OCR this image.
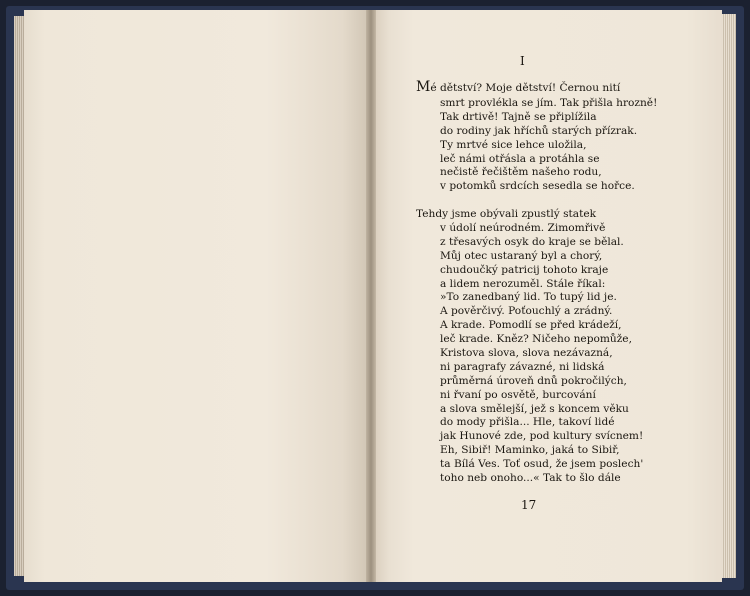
I
Mé dětství? Moje dětství! Černou nití
smrt provlékla se jím. Tak přišla hrozně!
Tak drtivě! Tajně se připlížila
do rodiny jak hříchů starých přízrak.
Ty mrtvé sice lehce uložila,
leč námi otřásla a protáhla se
nečistě řečištěm našeho rodu,
v potomků srdcích sesedla se hořce.
Tehdy jsme obývali zpustlý statek
v údolí neúrodném. Zimomřivě
z třesavých osyk do kraje se bělal.
Můj otec ustaraný byl a chorý,
chudoučký patricij tohoto kraje
a lidem nerozuměl. Stále říkal:
»To zanedbaný lid. To tupý lid je.
A pověrčivý. Poťouchlý a zrádný.
A krade. Pomodlí se před krádeží,
leč krade. Kněz? Ničeho nepomůže,
Kristova slova, slova nezávazná,
ni paragrafy závazné, ni lidská
průměrná úroveň dnů pokročilých,
ni řvaní po osvětě, burcování
a slova smělejší, jež s koncem věku
do mody přišla... Hle, takoví lidé
jak Hunové zde, pod kultury svícnem!
Eh, Sibiř! Maminko, jaká to Sibiř,
ta Bílá Ves. Toť osud, že jsem poslech'
toho neb onoho...« Tak to šlo dále
17
